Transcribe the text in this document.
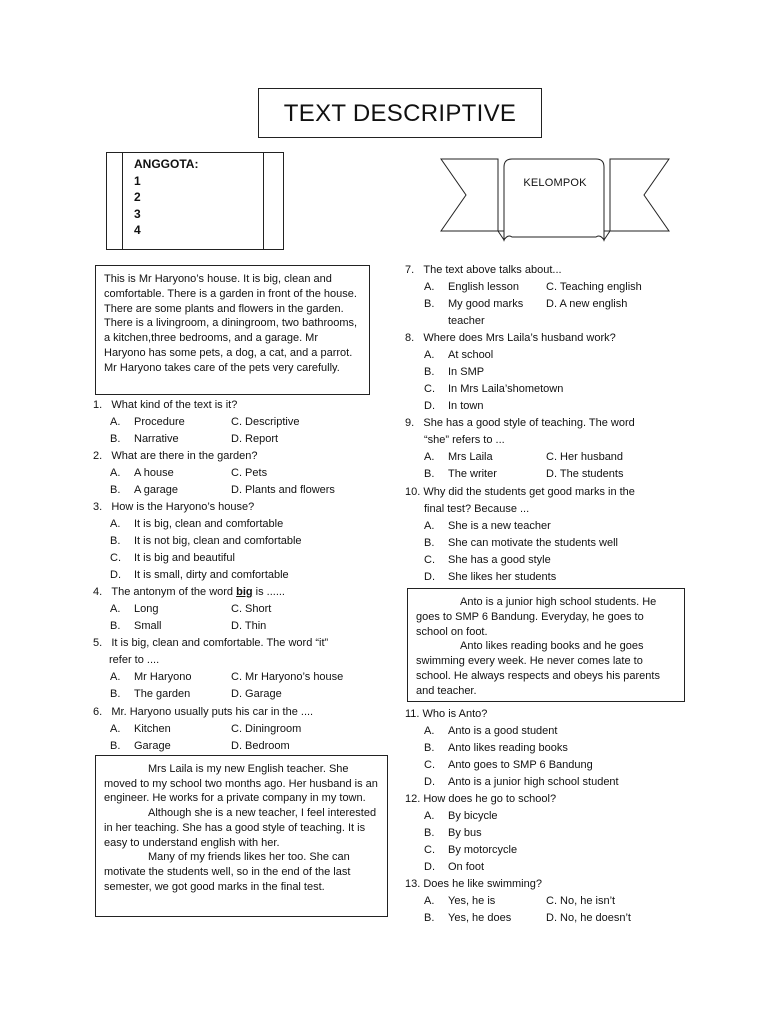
TEXT DESCRIPTIVE
ANGGOTA:
1
2
3
4
KELOMPOK
This is Mr Haryono’s house. It is big, clean and comfortable. There is a garden in front of the house. There are some plants and flowers in the garden. There is a livingroom, a diningroom, two bathrooms, a kitchen,three bedrooms, and a garage. Mr Haryono has some pets, a dog, a cat, and a parrot. Mr Haryono takes care of the pets very carefully.
1. What kind of the text is it?
A. Procedure	C. Descriptive
B. Narrative	D. Report
2. What are there in the garden?
A. A house	C. Pets
B. A garage	D. Plants and flowers
3. How is the Haryono’s house?
A. It is big, clean and comfortable
B. It is not big, clean and comfortable
C. It is big and beautiful
D. It is small, dirty and comfortable
4. The antonym of the word big is ......
A. Long	C. Short
B. Small	D. Thin
5. It is big, clean and comfortable. The word “it”
refer to ....
A. Mr Haryono	C. Mr Haryono’s house
B. The garden	D. Garage
6. Mr. Haryono usually puts his car in the ....
A. Kitchen	C. Diningroom
B. Garage	D. Bedroom
Mrs Laila is my new English teacher. She moved to my school two months ago. Her husband is an engineer. He works for a private company in my town.
Although she is a new teacher, I feel interested in her teaching. She has a good style of teaching. It is easy to understand english with her.
Many of my friends likes her too. She can motivate the students well, so in the end of the last semester, we got good marks in the final test.
7. The text above talks about...
A. English lesson C. Teaching english
B. My good marks D. A new english
teacher
8. Where does Mrs Laila’s husband work?
A. At school
B. In SMP
C. In Mrs Laila’shometown
D. In town
9. She has a good style of teaching. The word
“she” refers to ...
A. Mrs Laila	C. Her husband
B. The writer	D. The students
10. Why did the students get good marks in the
final test? Because ...
A. She is a new teacher
B. She can motivate the students well
C. She has a good style
D. She likes her students
Anto is a junior high school students. He goes to SMP 6 Bandung. Everyday, he goes to school on foot.
Anto likes reading books and he goes swimming every week. He never comes late to school. He always respects and obeys his parents and teacher.
11. Who is Anto?
A. Anto is a good student
B. Anto likes reading books
C. Anto goes to SMP 6 Bandung
D. Anto is a junior high school student
12. How does he go to school?
A. By bicycle
B. By bus
C. By motorcycle
D. On foot
13. Does he like swimming?
A. Yes, he is	C. No, he isn’t
B. Yes, he does	D. No, he doesn’t
